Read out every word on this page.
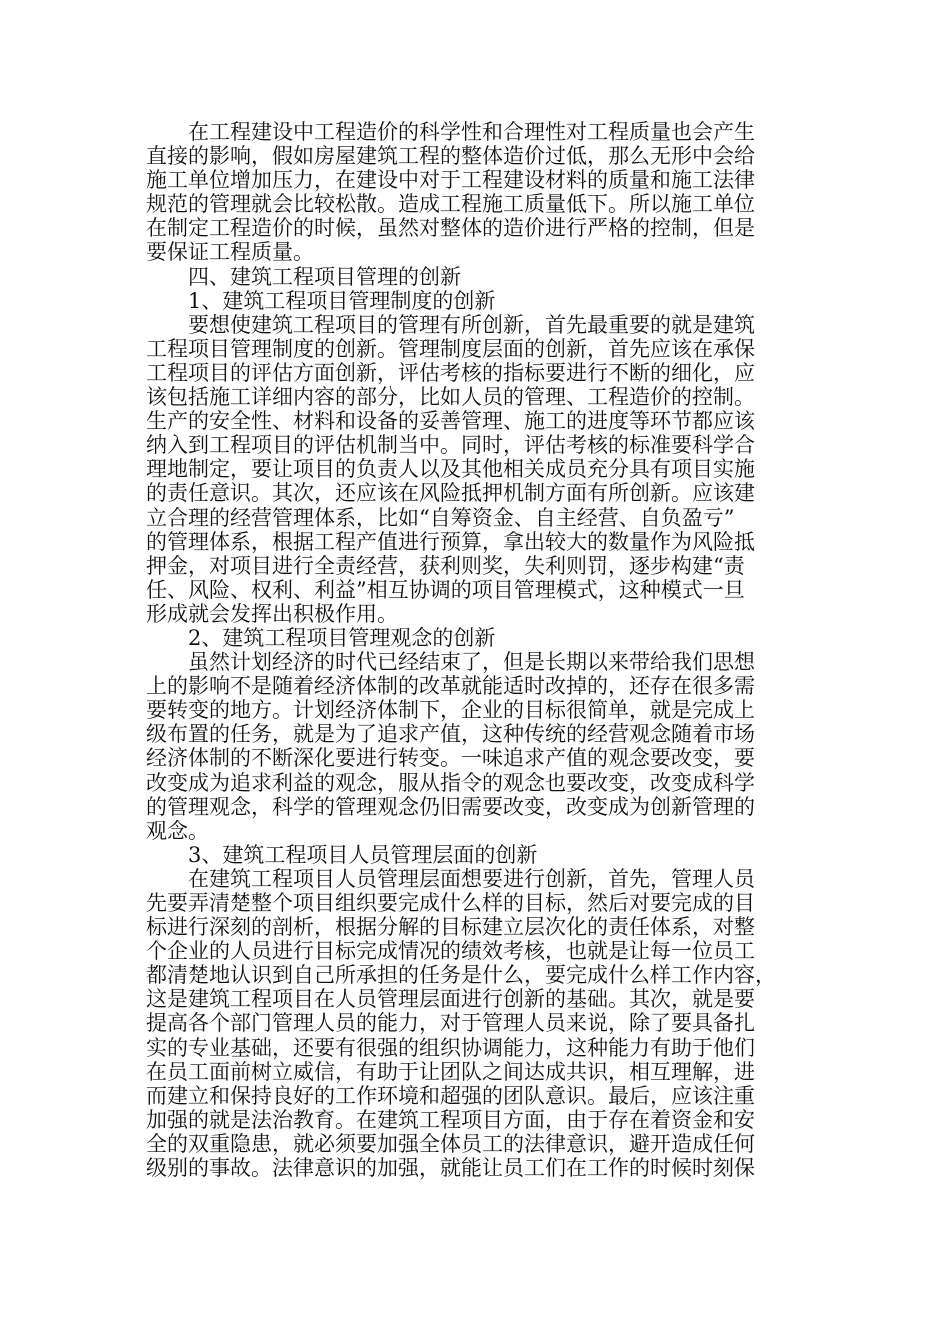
在工程建设中工程造价的科学性和合理性对工程质量也会产生
直接的影响，假如房屋建筑工程的整体造价过低，那么无形中会给
施工单位增加压力，在建设中对于工程建设材料的质量和施工法律
规范的管理就会比较松散。造成工程施工质量低下。所以施工单位
在制定工程造价的时候，虽然对整体的造价进行严格的控制，但是
要保证工程质量。
四、建筑工程项目管理的创新
1、建筑工程项目管理制度的创新
要想使建筑工程项目的管理有所创新，首先最重要的就是建筑
工程项目管理制度的创新。管理制度层面的创新，首先应该在承保
工程项目的评估方面创新，评估考核的指标要进行不断的细化，应
该包括施工详细内容的部分，比如人员的管理、工程造价的控制。
生产的安全性、材料和设备的妥善管理、施工的进度等环节都应该
纳入到工程项目的评估机制当中。同时，评估考核的标准要科学合
理地制定，要让项目的负责人以及其他相关成员充分具有项目实施
的责任意识。其次，还应该在风险抵押机制方面有所创新。应该建
立合理的经营管理体系，比如“自筹资金、自主经营、自负盈亏”
的管理体系，根据工程产值进行预算，拿出较大的数量作为风险抵
押金，对项目进行全责经营，获利则奖，失利则罚，逐步构建“责
任、风险、权利、利益”相互协调的项目管理模式，这种模式一旦
形成就会发挥出积极作用。
2、建筑工程项目管理观念的创新
虽然计划经济的时代已经结束了，但是长期以来带给我们思想
上的影响不是随着经济体制的改革就能适时改掉的，还存在很多需
要转变的地方。计划经济体制下，企业的目标很简单，就是完成上
级布置的任务，就是为了追求产值，这种传统的经营观念随着市场
经济体制的不断深化要进行转变。一味追求产值的观念要改变，要
改变成为追求利益的观念，服从指令的观念也要改变，改变成科学
的管理观念，科学的管理观念仍旧需要改变，改变成为创新管理的
观念。
3、建筑工程项目人员管理层面的创新
在建筑工程项目人员管理层面想要进行创新，首先，管理人员
先要弄清楚整个项目组织要完成什么样的目标，然后对要完成的目
标进行深刻的剖析，根据分解的目标建立层次化的责任体系，对整
个企业的人员进行目标完成情况的绩效考核，也就是让每一位员工
都清楚地认识到自己所承担的任务是什么，要完成什么样工作内容，
这是建筑工程项目在人员管理层面进行创新的基础。其次，就是要
提高各个部门管理人员的能力，对于管理人员来说，除了要具备扎
实的专业基础，还要有很强的组织协调能力，这种能力有助于他们
在员工面前树立威信，有助于让团队之间达成共识，相互理解，进
而建立和保持良好的工作环境和超强的团队意识。最后，应该注重
加强的就是法治教育。在建筑工程项目方面，由于存在着资金和安
全的双重隐患，就必须要加强全体员工的法律意识，避开造成任何
级别的事故。法律意识的加强，就能让员工们在工作的时候时刻保
